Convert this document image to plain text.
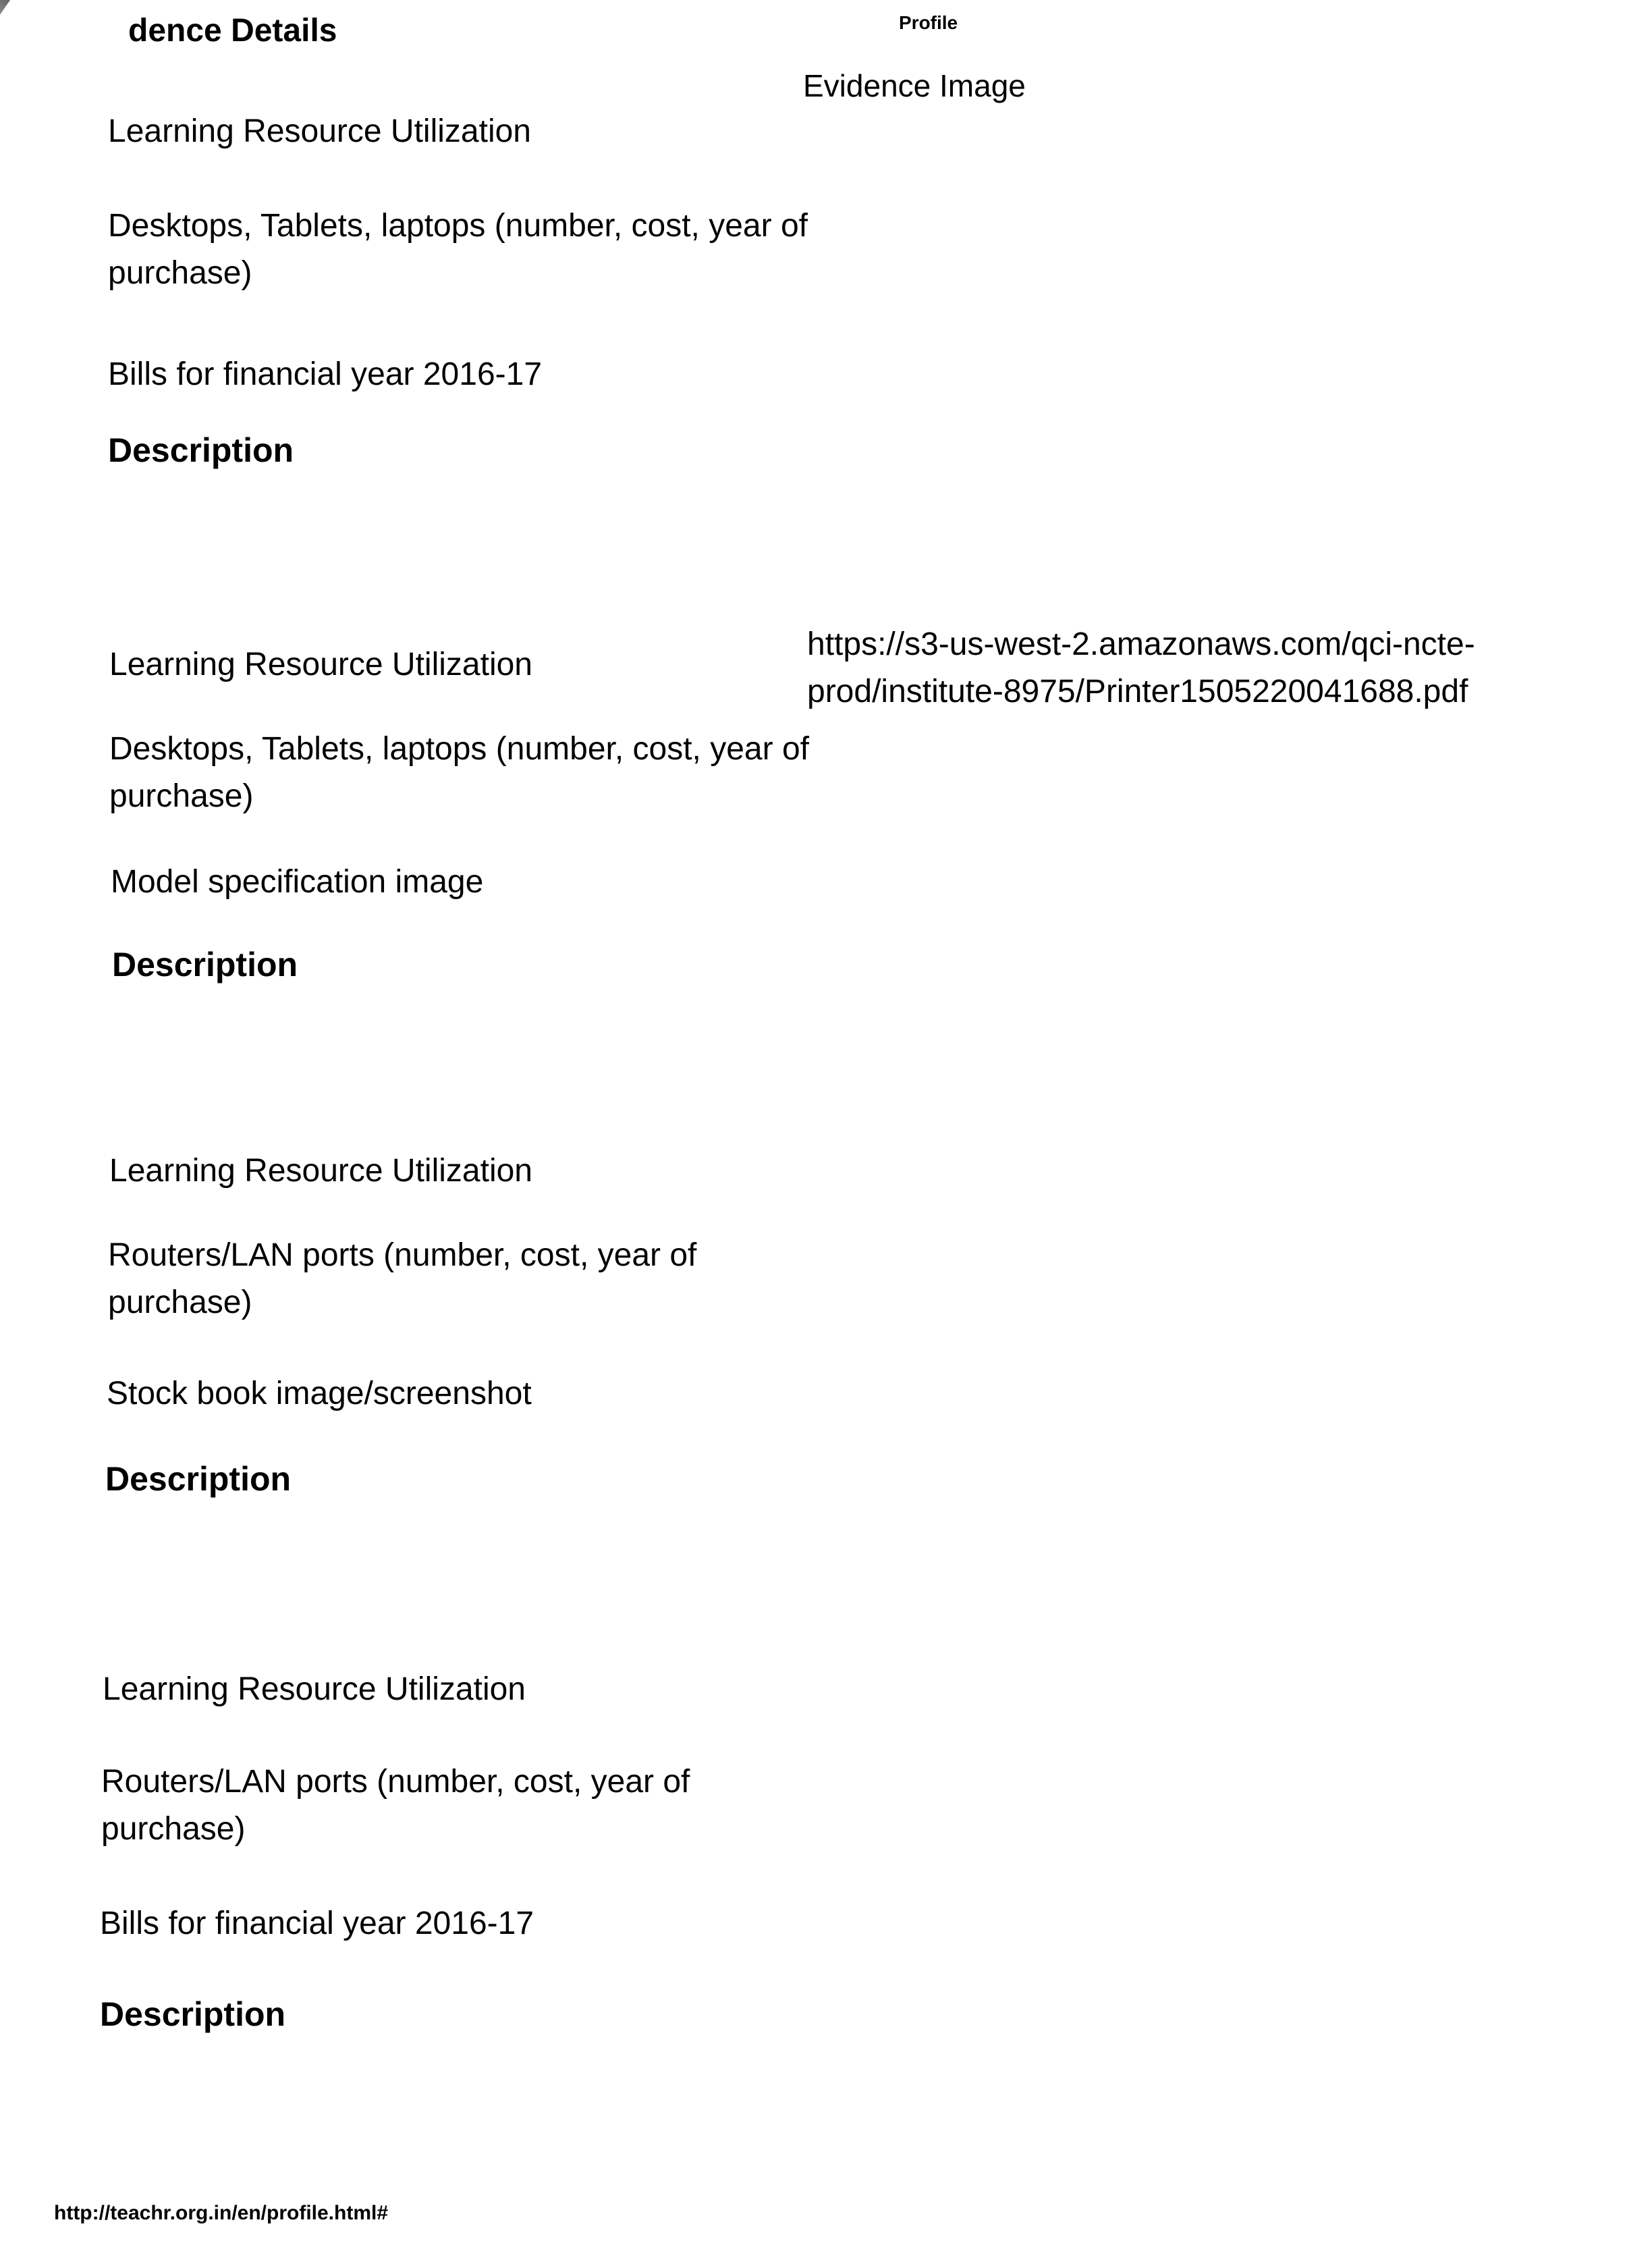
dence Details	Profile
Evidence Image
Learning Resource Utilization
Desktops, Tablets, laptops (number, cost, year of purchase)
Bills for financial year 2016-17
Description
Learning Resource Utilization
https://s3-us-west-2.amazonaws.com/qci-ncte-prod/institute-8975/Printer1505220041688.pdf
Desktops, Tablets, laptops (number, cost, year of purchase)
Model specification image
Description
Learning Resource Utilization
Routers/LAN ports (number, cost, year of purchase)
Stock book image/screenshot
Description
Learning Resource Utilization
Routers/LAN ports (number, cost, year of purchase)
Bills for financial year 2016-17
Description
http://teachr.org.in/en/profile.html#
